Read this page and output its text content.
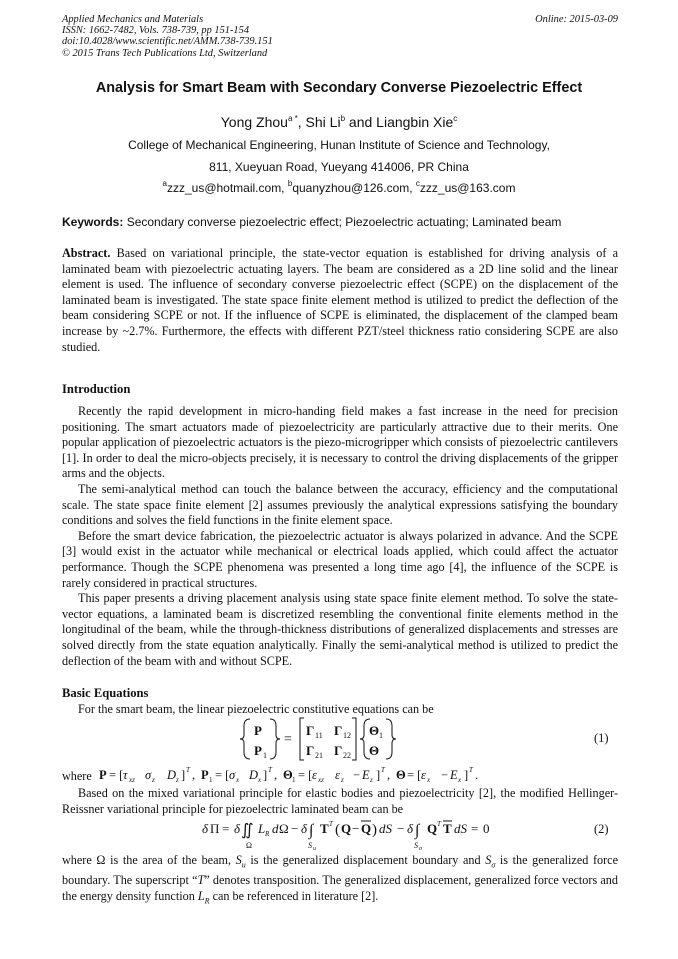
Applied Mechanics and Materials
ISSN: 1662-7482, Vols. 738-739, pp 151-154
doi:10.4028/www.scientific.net/AMM.738-739.151
© 2015 Trans Tech Publications Ltd, Switzerland
Online: 2015-03-09
Analysis for Smart Beam with Secondary Converse Piezoelectric Effect
Yong Zhou$^{a *}$, Shi Li$^b$ and Liangbin Xie$^c$
College of Mechanical Engineering, Hunan Institute of Science and Technology,
811, Xueyuan Road, Yueyang 414006, PR China
$^a$zzz_us@hotmail.com, $^b$quanyzhou@126.com, $^c$zzz_us@163.com
Keywords: Secondary converse piezoelectric effect; Piezoelectric actuating; Laminated beam

Abstract. Based on variational principle, the state-vector equation is established for driving analysis of a laminated beam with piezoelectric actuating layers. The beam are considered as a 2D line solid and the linear element is used. The influence of secondary converse piezoelectric effect (SCPE) on the displacement of the laminated beam is investigated. The state space finite element method is utilized to predict the deflection of the beam considering SCPE or not. If the influence of SCPE is eliminated, the displacement of the clamped beam increase by ~2.7%. Furthermore, the effects with different PZT/steel thickness ratio considering SCPE are also studied.

Introduction

Recently the rapid development in micro-handing field makes a fast increase in the need for precision positioning. The smart actuators made of piezoelectricity are particularly attractive due to their merits. One popular application of piezoelectric actuators is the piezo-microgripper which consists of piezoelectric cantilevers [1]. In order to deal the micro-objects precisely, it is necessary to control the driving displacements of the gripper arms and the objects.

The semi-analytical method can touch the balance between the accuracy, efficiency and the computational scale. The state space finite element [2] assumes previously the analytical expressions satisfying the boundary conditions and solves the field functions in the finite element space.

Before the smart device fabrication, the piezoelectric actuator is always polarized in advance. And the SCPE [3] would exist in the actuator while mechanical or electrical loads applied, which could affect the actuator performance. Though the SCPE phenomena was presented a long time ago [4], the influence of the SCPE is rarely considered in practical structures.

This paper presents a driving placement analysis using state space finite element method. To solve the state-vector equations, a laminated beam is discretized resembling the conventional finite elements method in the longitudinal of the beam, while the through-thickness distributions of generalized displacements and stresses are solved directly from the state equation analytically. Finally the semi-analytical method is utilized to predict the deflection of the beam with and without SCPE.

Basic Equations

For the smart beam, the linear piezoelectric constitutive equations can be

P
P 1
=
Γ 11 Γ 12
Γ 21 Γ 22
Θ 1
Θ
(1)
where P = [ τ xz σ z D z ] T , P 1 = [ σ x D x ] T , Θ 1 = [ ε xz ε z − E z ] T , Θ = [ ε x − E x ] T .

Based on the mixed variational principle for elastic bodies and piezoelectricity [2], the modified Hellinger-Reissner variational principle for piezoelectric laminated beam can be

δ Π = δ ∬
Ω
L R d Ω − δ ∫
S u
T T ( Q − Q ) dS − δ ∫
S σ
Q T T dS = 0	(2)

where Ω is the area of the beam, $S_u$ is the generalized displacement boundary and $S_\sigma$ is the generalized force boundary. The superscript “T” denotes transposition. The generalized displacement, generalized force vectors and the energy density function $L_R$ can be referenced in literature [2].
